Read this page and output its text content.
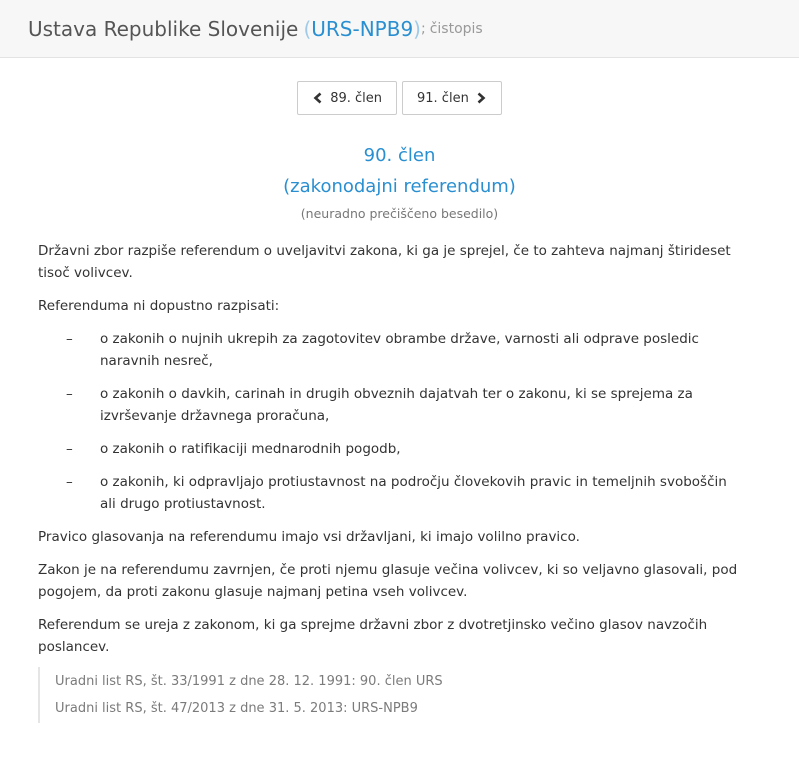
Ustava Republike Slovenije
( URS-NPB9 ) ; čistopis
89. člen	91. člen
90. člen
(zakonodajni referendum)
(neuradno prečiščeno besedilo)

Državni zbor razpiše referendum o uveljavitvi zakona, ki ga je sprejel, če to zahteva najmanj štirideset tisoč volivcev.

Referenduma ni dopustno razpisati:

–	o zakonih o nujnih ukrepih za zagotovitev obrambe države, varnosti ali odprave posledic naravnih nesreč,
–	o zakonih o davkih, carinah in drugih obveznih dajatvah ter o zakonu, ki se sprejema za izvrševanje državnega proračuna,
–	o zakonih o ratifikaciji mednarodnih pogodb,
–	o zakonih, ki odpravljajo protiustavnost na področju človekovih pravic in temeljnih svoboščin ali drugo protiustavnost.

Pravico glasovanja na referendumu imajo vsi državljani, ki imajo volilno pravico.

Zakon je na referendumu zavrnjen, če proti njemu glasuje večina volivcev, ki so veljavno glasovali, pod pogojem, da proti zakonu glasuje najmanj petina vseh volivcev.

Referendum se ureja z zakonom, ki ga sprejme državni zbor z dvotretjinsko večino glasov navzočih poslancev.

Uradni list RS, št. 33/1991 z dne 28. 12. 1991: 90. člen URS
Uradni list RS, št. 47/2013 z dne 31. 5. 2013: URS-NPB9
